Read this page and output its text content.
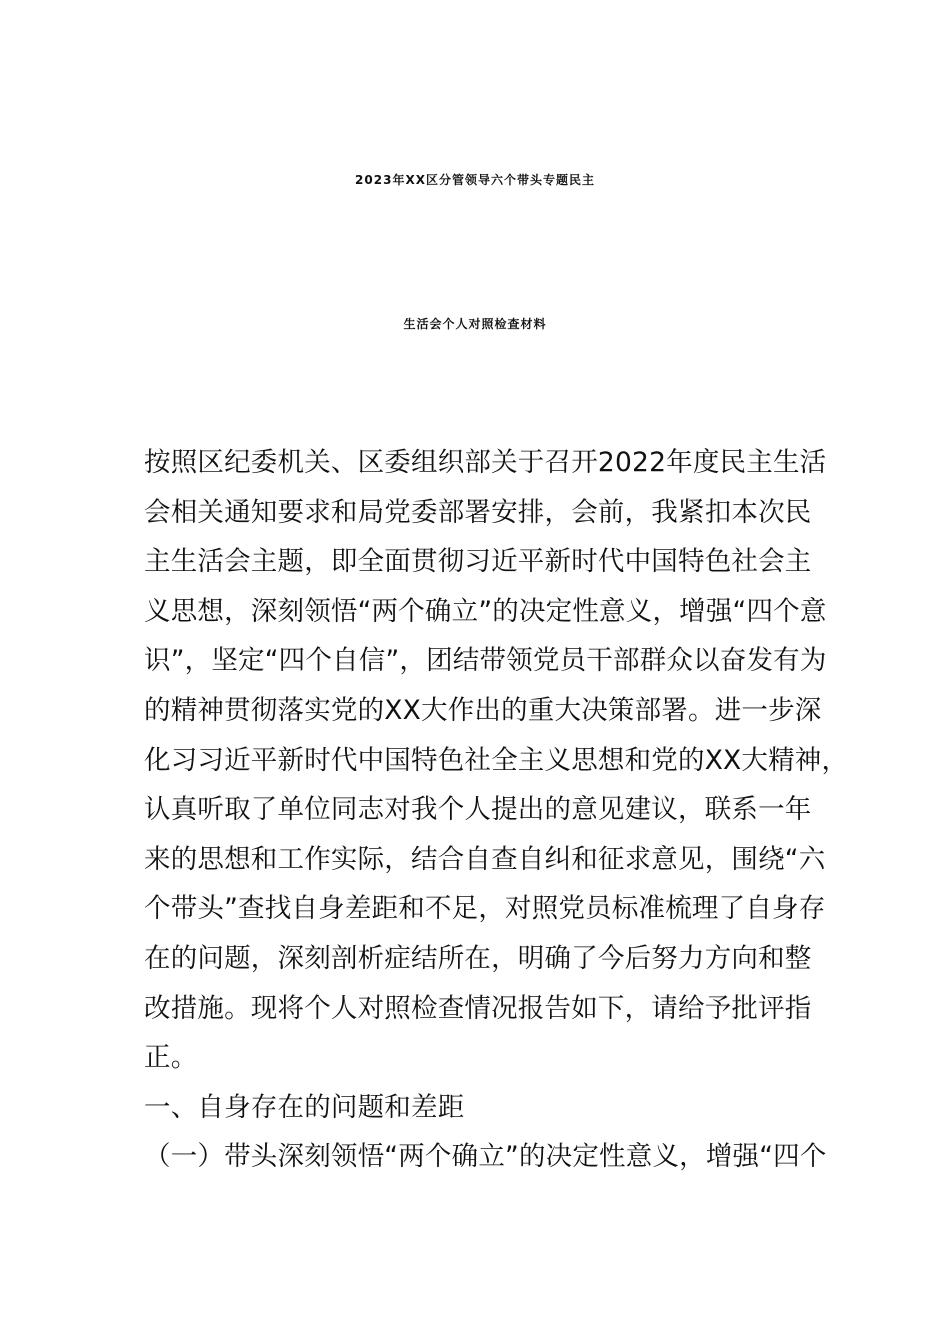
2023年XX区分管领导六个带头专题民主
生活会个人对照检查材料
按照区纪委机关、区委组织部关于召开2022年度民主生活
会相关通知要求和局党委部署安排，会前，我紧扣本次民
主生活会主题，即全面贯彻习近平新时代中国特色社会主
义思想，深刻领悟“两个确立”的决定性意义，增强“四个意
识”，坚定“四个自信”，团结带领党员干部群众以奋发有为
的精神贯彻落实党的XX大作出的重大决策部署。进一步深
化习习近平新时代中国特色社全主义思想和党的XX大精神，
认真听取了单位同志对我个人提出的意见建议，联系一年
来的思想和工作实际，结合自查自纠和征求意见，围绕“六
个带头”查找自身差距和不足，对照党员标准梳理了自身存
在的问题，深刻剖析症结所在，明确了今后努力方向和整
改措施。现将个人对照检查情况报告如下，请给予批评指
正。
一、自身存在的问题和差距
（一）带头深刻领悟“两个确立”的决定性意义，增强“四个
